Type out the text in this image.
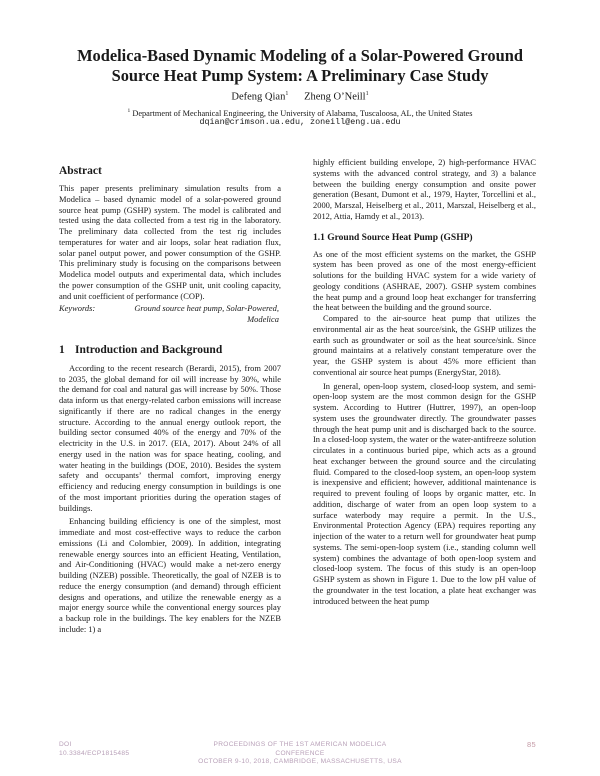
Modelica-Based Dynamic Modeling of a Solar-Powered Ground
Source Heat Pump System: A Preliminary Case Study
Defeng Qian$^1$ Zheng O’Neill$^1$
$^1$ Department of Mechanical Engineering, the University of Alabama, Tuscaloosa, AL, the United States
dqian@crimson.ua.edu, zoneill@eng.ua.edu
Abstract

This paper presents preliminary simulation results from a Modelica – based dynamic model of a solar-powered ground source heat pump (GSHP) system. The model is calibrated and tested using the data collected from a test rig in the laboratory. The preliminary data collected from the test rig includes temperatures for water and air loops, solar heat radiation flux, solar panel output power, and power consumption of the GSHP. This preliminary study is focusing on the comparisons between Modelica model outputs and experimental data, which includes the power consumption of the GSHP unit, unit cooling capacity, and unit coefficient of performance (COP).

Keywords:	Ground source heat pump, Solar-Powered, Modelica
1 Introduction and Background

According to the recent research (Berardi, 2015), from 2007 to 2035, the global demand for oil will increase by 30%, while the demand for coal and natural gas will increase by 50%. Those data inform us that energy-related carbon emissions will increase significantly if there are no radical changes in the energy structure. According to the annual energy outlook report, the building sector consumed 40% of the energy and 70% of the electricity in the U.S. in 2017. (EIA, 2017). About 24% of all energy used in the nation was for space heating, cooling, and water heating in the buildings (DOE, 2010). Besides the system safety and occupants’ thermal comfort, improving energy efficiency and reducing energy consumption in buildings is one of the most important priorities during the operation stages of buildings.

Enhancing building efficiency is one of the simplest, most immediate and most cost-effective ways to reduce the carbon emissions (Li and Colombier, 2009). In addition, integrating renewable energy sources into an efficient Heating, Ventilation, and Air-Conditioning (HVAC) would make a net-zero energy building (NZEB) possible. Theoretically, the goal of NZEB is to reduce the energy consumption (and demand) through efficient designs and operations, and utilize the renewable energy as a major energy source while the conventional energy sources play a backup role in the buildings. The key enablers for the NZEB include: 1) a

highly efficient building envelope, 2) high-performance HVAC systems with the advanced control strategy, and 3) a balance between the building energy consumption and onsite power generation (Besant, Dumont et al., 1979, Hayter, Torcellini et al., 2000, Marszal, Heiselberg et al., 2011, Marszal, Heiselberg et al., 2012, Attia, Hamdy et al., 2013).

1.1 Ground Source Heat Pump (GSHP)

As one of the most efficient systems on the market, the GSHP system has been proved as one of the most energy-efficient solutions for the building HVAC system for a wide variety of geology conditions (ASHRAE, 2007). GSHP system combines the heat pump and a ground loop heat exchanger for transferring the heat between the building and the ground source.

Compared to the air-source heat pump that utilizes the environmental air as the heat source/sink, the GSHP utilizes the earth such as groundwater or soil as the heat source/sink. Since ground maintains at a relatively constant temperature over the year, the GSHP system is about 45% more efficient than conventional air source heat pumps (EnergyStar, 2018).

In general, open-loop system, closed-loop system, and semi-open-loop system are the most common design for the GSHP system. According to Huttrer (Huttrer, 1997), an open-loop system uses the groundwater directly. The groundwater passes through the heat pump unit and is discharged back to the source. In a closed-loop system, the water or the water-antifreeze solution circulates in a continuous buried pipe, which acts as a ground heat exchanger between the ground source and the circulating fluid. Compared to the closed-loop system, an open-loop system is inexpensive and efficient; however, additional maintenance is required to prevent fouling of loops by organic matter, etc. In addition, discharge of water from an open loop system to a surface waterbody may require a permit. In the U.S., Environmental Protection Agency (EPA) requires reporting any injection of the water to a return well for groundwater heat pump systems. The semi-open-loop system (i.e., standing column well system) combines the advantage of both open-loop system and closed-loop system. The focus of this study is an open-loop GSHP system as shown in Figure 1. Due to the low pH value of the groundwater in the test location, a plate heat exchanger was introduced between the heat pump

DOI
10.3384/ECP1815485
PROCEEDINGS OF THE 1ST AMERICAN MODELICA CONFERENCE
OCTOBER 9-10, 2018, CAMBRIDGE, MASSACHUSETTS, USA
85
